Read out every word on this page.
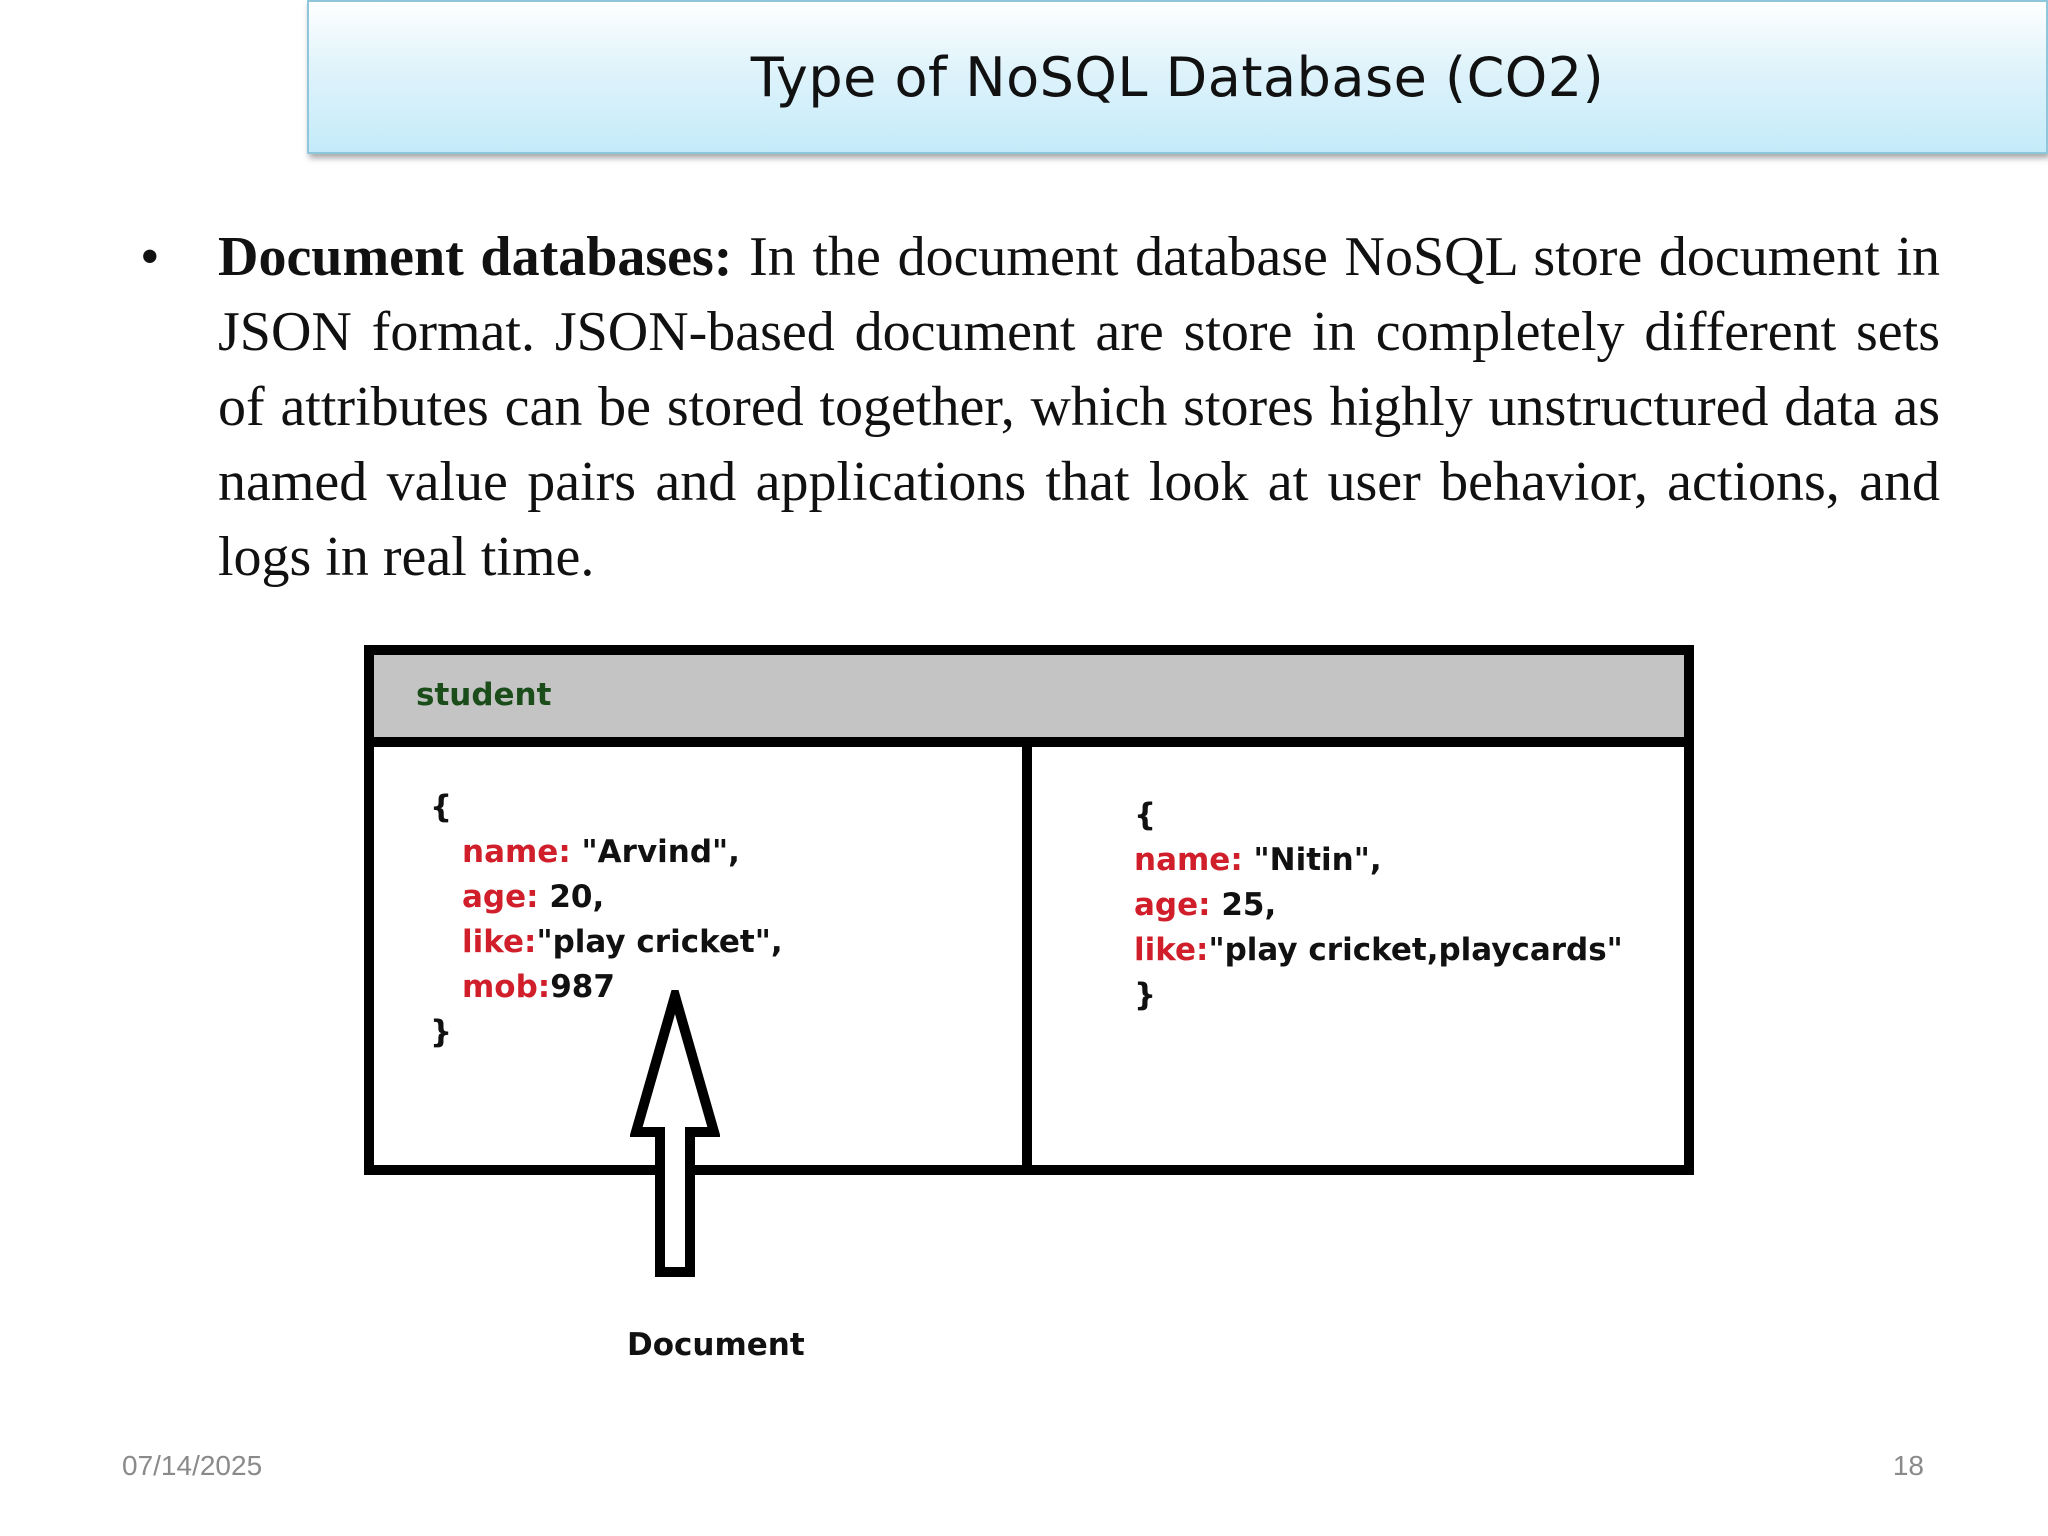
Type of NoSQL Database (CO2)
• Document databases: In the document database NoSQL store document in JSON format. JSON-based document are store in completely different sets of attributes can be stored together, which stores highly unstructured data as named value pairs and applications that look at user behavior, actions, and logs in real time.

student
{
name: "Arvind",
age: 20,
like:"play cricket",
mob:987
}
{
name: "Nitin",
age: 25,
like:"play cricket,playcards"
}
Document
07/14/2025	18
